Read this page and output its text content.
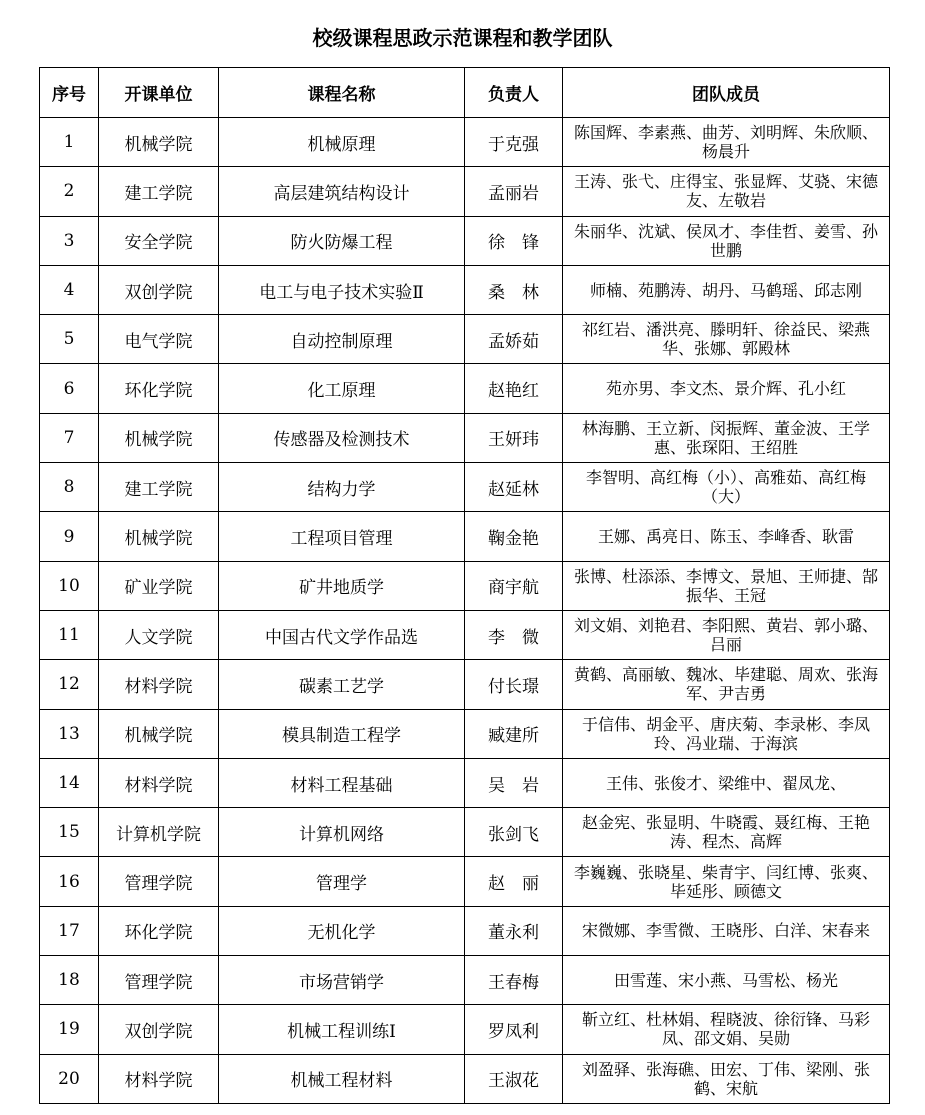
校级课程思政示范课程和教学团队
序号	开课单位	课程名称	负责人	团队成员
1	机械学院	机械原理	于克强	陈国辉、李素燕、曲芳、刘明辉、朱欣顺、杨晨升
2	建工学院	高层建筑结构设计	孟丽岩	王涛、张弋、庄得宝、张显辉、艾骁、宋德友、左敬岩
3	安全学院	防火防爆工程	徐　锋	朱丽华、沈斌、侯凤才、李佳哲、姜雪、孙世鹏
4	双创学院	电工与电子技术实验Ⅱ	桑　林	师楠、苑鹏涛、胡丹、马鹤瑶、邱志刚
5	电气学院	自动控制原理	孟娇茹	祁红岩、潘洪亮、滕明轩、徐益民、梁燕华、张娜、郭殿林
6	环化学院	化工原理	赵艳红	苑亦男、李文杰、景介辉、孔小红
7	机械学院	传感器及检测技术	王妍玮	林海鹏、王立新、闵振辉、董金波、王学惠、张琛阳、王绍胜
8	建工学院	结构力学	赵延林	李智明、高红梅（小）、高雅茹、高红梅（大）
9	机械学院	工程项目管理	鞠金艳	王娜、禹亮日、陈玉、李峰香、耿雷
10	矿业学院	矿井地质学	商宇航	张博、杜添添、李博文、景旭、王师捷、郜振华、王冠
11	人文学院	中国古代文学作品选	李　微	刘文娟、刘艳君、李阳熙、黄岩、郭小璐、吕丽
12	材料学院	碳素工艺学	付长璟	黄鹤、高丽敏、魏冰、毕建聪、周欢、张海军、尹吉勇
13	机械学院	模具制造工程学	臧建所	于信伟、胡金平、唐庆菊、李录彬、李凤玲、冯业瑞、于海滨
14	材料学院	材料工程基础	吴　岩	王伟、张俊才、梁维中、翟凤龙、
15	计算机学院	计算机网络	张剑飞	赵金宪、张显明、牛晓霞、聂红梅、王艳涛、程杰、高辉
16	管理学院	管理学	赵　丽	李巍巍、张晓星、柴青宇、闫红博、张爽、毕延彤、顾德文
17	环化学院	无机化学	董永利	宋微娜、李雪微、王晓彤、白洋、宋春来
18	管理学院	市场营销学	王春梅	田雪莲、宋小燕、马雪松、杨光
19	双创学院	机械工程训练Ⅰ	罗凤利	靳立红、杜林娟、程晓波、徐衍锋、马彩凤、邵文娟、吴勋
20	材料学院	机械工程材料	王淑花	刘盈驿、张海礁、田宏、丁伟、梁刚、张鹤、宋航
